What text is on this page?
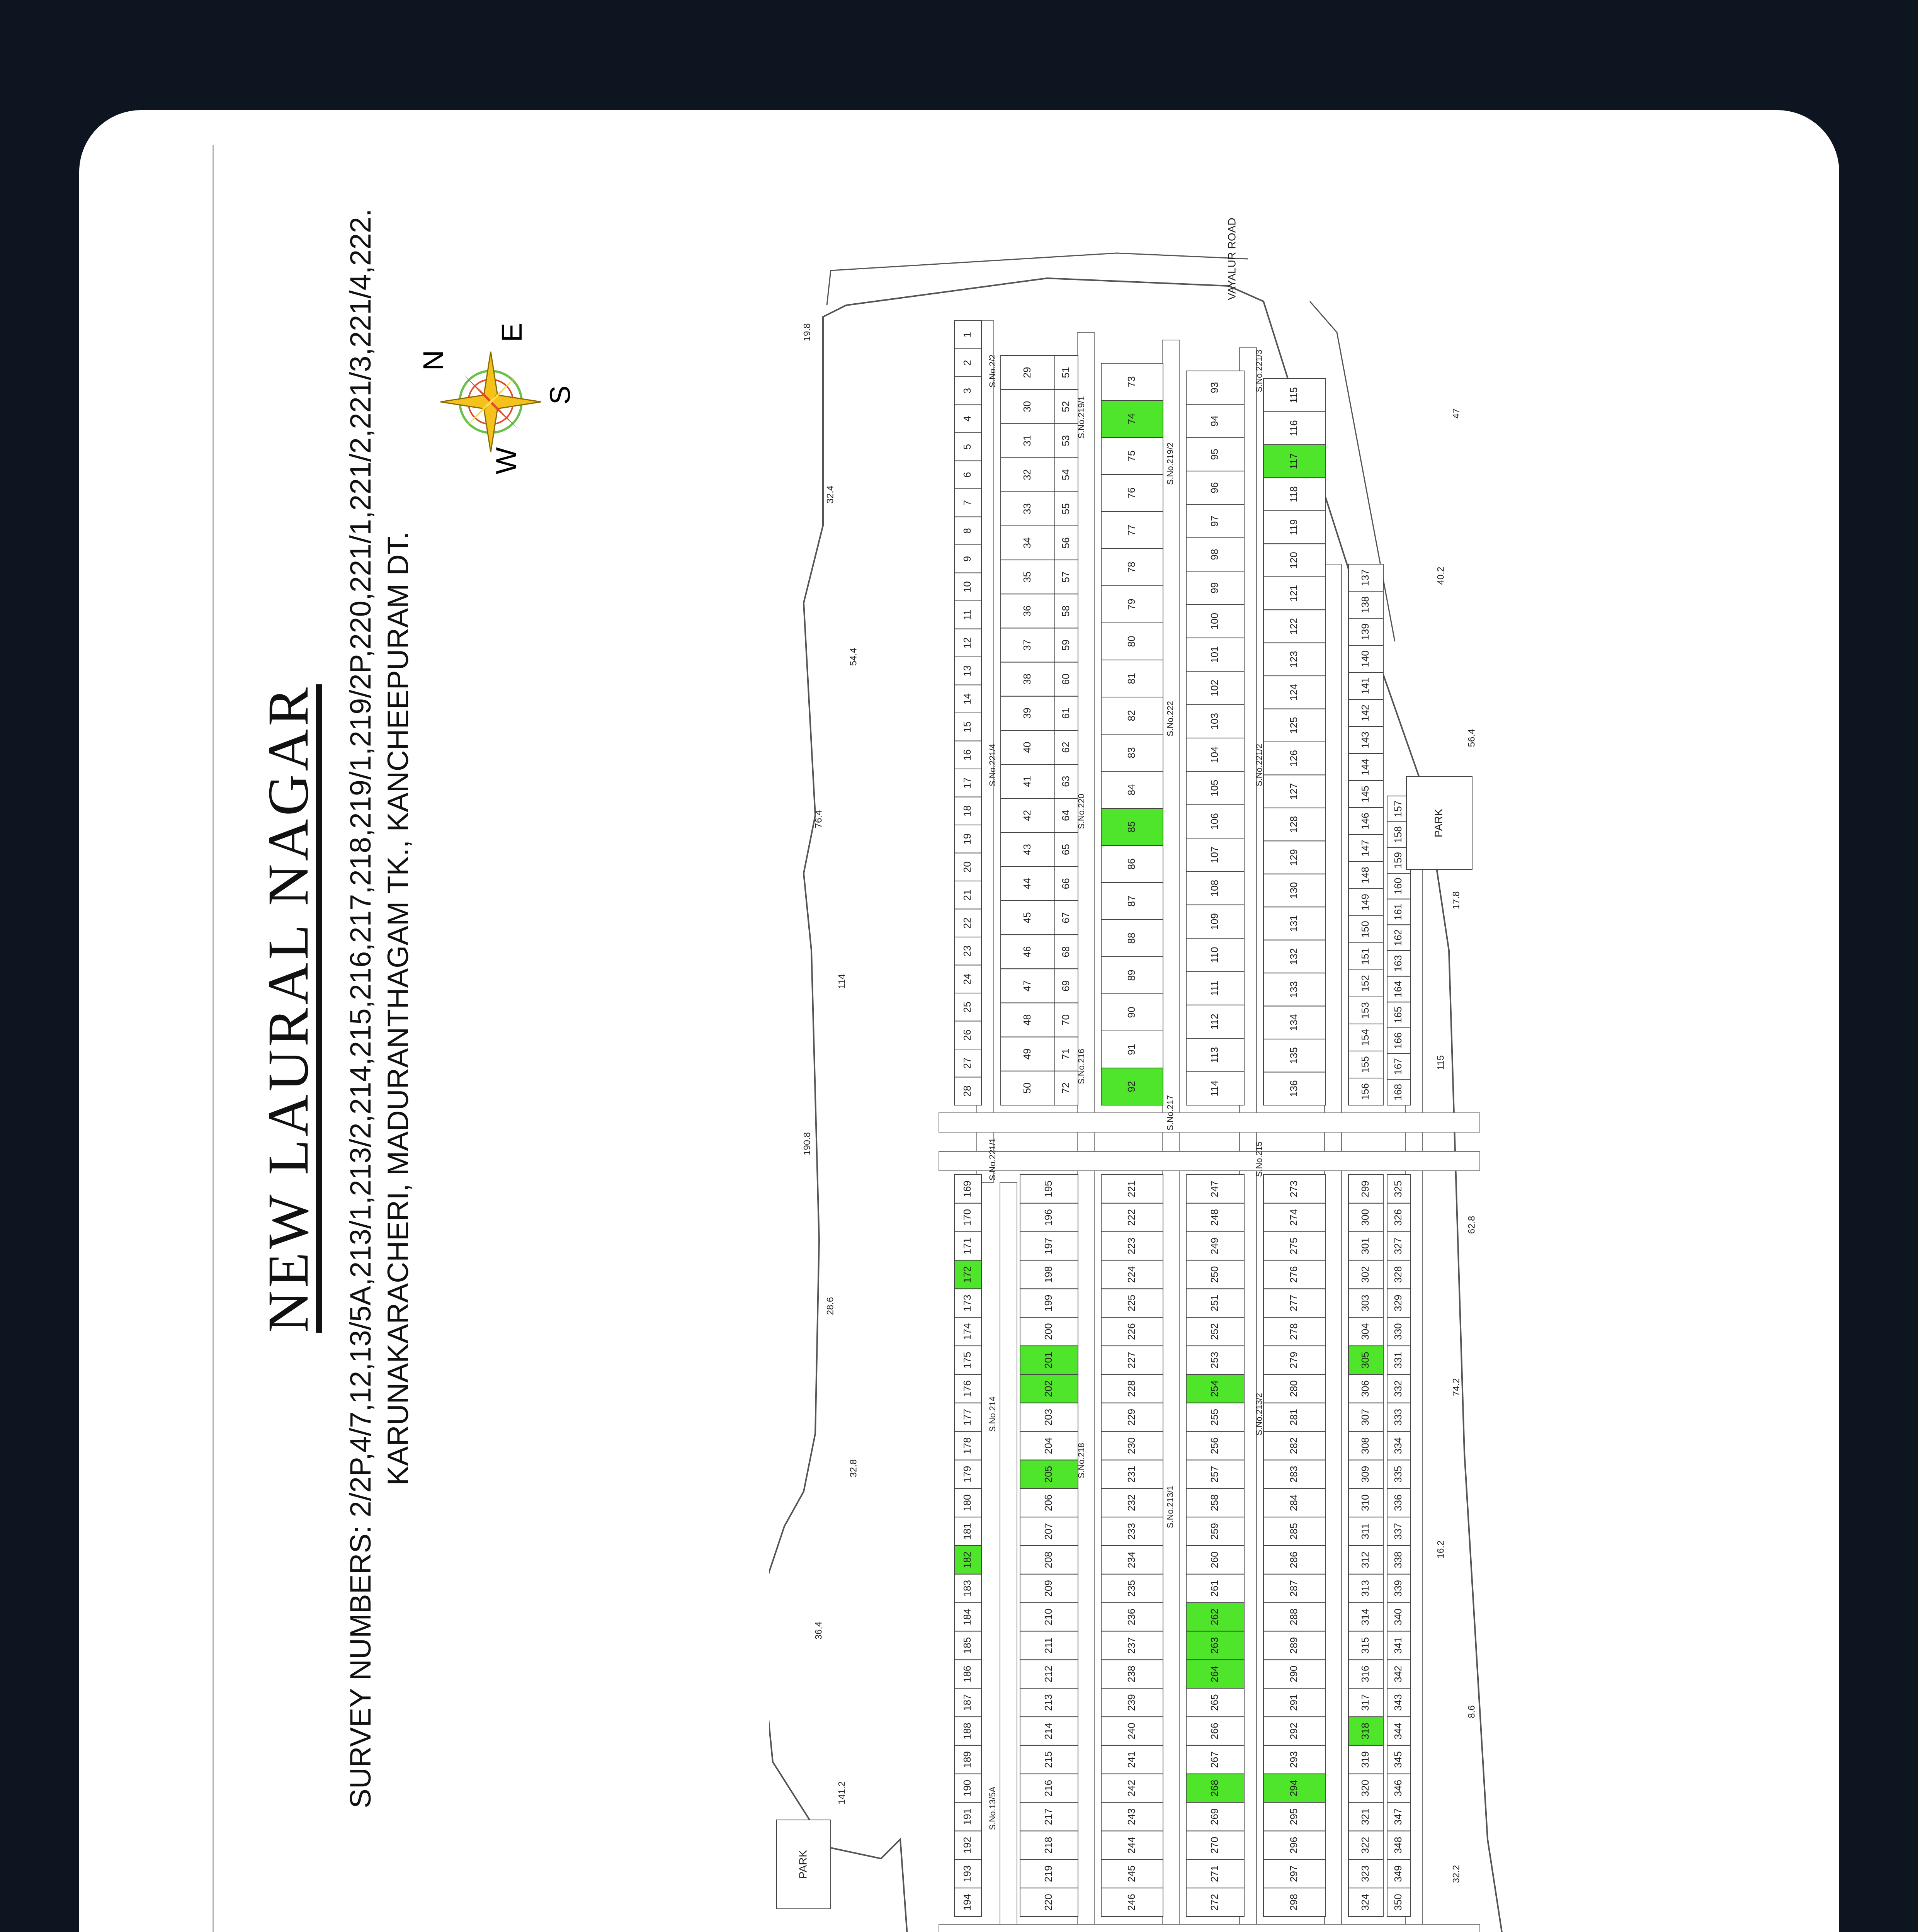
NEW LAURAL NAGAR SURVEY NUMBERS: 2/2P,4/7,12,13/5A,213/1,213/2,214,215,216,217,218,219/1,219/2P,220,221/1,221/2,221/3,221/4,222. KARUNAKARACHERI, MADURANTHAGAM TK., KANCHEEPURAM DT.

N
E
S
W
1
2
3
4
5
6
7
8
9
10
11
12
13
14
15
16
17
18
19
20
21
22
23
24
25
26
27
28
29
30
31
32
33
34
35
36
37
38
39
40
41
42
43
44
45
46
47
48
49
50
51
52
53
54
55
56
57
58
59
60
61
62
63
64
65
66
67
68
69
70
71
72
73
74
75
76
77
78
79
80
81
82
83
84
85
86
87
88
89
90
91
92
93
94
95
96
97
98
99
100
101
102
103
104
105
106
107
108
109
110
111
112
113
114
115
116
117
118
119
120
121
122
123
124
125
126
127
128
129
130
131
132
133
134
135
136
137
138
139
140
141
142
143
144
145
146
147
148
149
150
151
152
153
154
155
156
157
158
159
160
161
162
163
164
165
166
167
168
169
170
171
172
173
174
175
176
177
178
179
180
181
182
183
184
185
186
187
188
189
190
191
192
193
194
195
196
197
198
199
200
201
202
203
204
205
206
207
208
209
210
211
212
213
214
215
216
217
218
219
220
221
222
223
224
225
226
227
228
229
230
231
232
233
234
235
236
237
238
239
240
241
242
243
244
245
246
247
248
249
250
251
252
253
254
255
256
257
258
259
260
261
262
263
264
265
266
267
268
269
270
271
272
273
274
275
276
277
278
279
280
281
282
283
284
285
286
287
288
289
290
291
292
293
294
295
296
297
298
299
300
301
302
303
304
305
306
307
308
309
310
311
312
313
314
315
316
317
318
319
320
321
322
323
324
325
326
327
328
329
330
331
332
333
334
335
336
337
338
339
340
341
342
343
344
345
346
347
348
349
350
PARK
PARK
VAYALUR ROAD
S.No.2/2
S.No.219/1
S.No.219/2
S.No.221/3
S.No.221/4
S.No.220
S.No.222
S.No.221/2
S.No.221/1
S.No.216
S.No.217
S.No.215
S.No.214
S.No.218
S.No.213/1
S.No.213/2
S.No.13/5A
19.8
47
32.4
40.2
54.4
56.4
76.4
17.8
114
115
190.8
62.8
28.6
74.2
32.8
16.2
36.4
8.6
141.2
32.2
